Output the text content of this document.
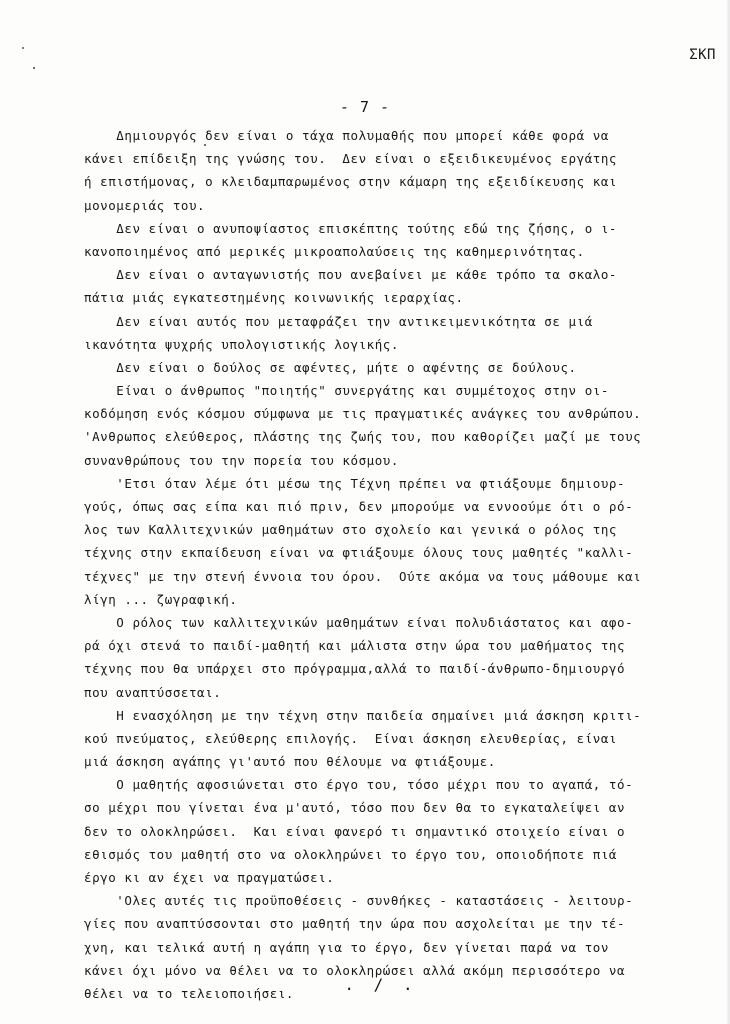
ΣΚΠ
- 7 -
Δημιουργός δεν είναι ο τάχα πολυμαθής που μπορεί κάθε φορά να
κάνει επίδειξη της γνώσης του.  Δεν είναι ο εξειδικευμένος εργάτης
ή επιστήμονας, ο κλειδαμπαρωμένος στην κάμαρη της εξειδίκευσης και
μονομεριάς του.
Δεν είναι ο ανυποψίαστος επισκέπτης τούτης εδώ της ζήσης, ο ι-
κανοποιημένος από μερικές μικροαπολαύσεις της καθημερινότητας.
Δεν είναι ο ανταγωνιστής που ανεβαίνει με κάθε τρόπο τα σκαλο-
πάτια μιάς εγκατεστημένης κοινωνικής ιεραρχίας.
Δεν είναι αυτός που μεταφράζει την αντικειμενικότητα σε μιά
ικανότητα ψυχρής υπολογιστικής λογικής.
Δεν είναι ο δούλος σε αφέντες, μήτε ο αφέντης σε δούλους.
Είναι ο άνθρωπος "ποιητής" συνεργάτης και συμμέτοχος στην οι-
κοδόμηση ενός κόσμου σύμφωνα με τις πραγματικές ανάγκες του ανθρώπου.
'Ανθρωπος ελεύθερος, πλάστης της ζωής του, που καθορίζει μαζί με τους
συνανθρώπους του την πορεία του κόσμου.
'Ετσι όταν λέμε ότι μέσω της Τέχνη πρέπει να φτιάξουμε δημιουρ-
γούς, όπως σας είπα και πιό πριν, δεν μπορούμε να εννοούμε ότι ο ρό-
λος των Καλλιτεχνικών μαθημάτων στο σχολείο και γενικά ο ρόλος της
τέχνης στην εκπαίδευση είναι να φτιάξουμε όλους τους μαθητές "καλλι-
τέχνες" με την στενή έννοια του όρου.  Ούτε ακόμα να τους μάθουμε και
λίγη ... ζωγραφική.
Ο ρόλος των καλλιτεχνικών μαθημάτων είναι πολυδιάστατος και αφο-
ρά όχι στενά το παιδί-μαθητή και μάλιστα στην ώρα του μαθήματος της
τέχνης που θα υπάρχει στο πρόγραμμα,αλλά το παιδί-άνθρωπο-δημιουργό
που αναπτύσσεται.
Η ενασχόληση με την τέχνη στην παιδεία σημαίνει μιά άσκηση κριτι-
κού πνεύματος, ελεύθερης επιλογής.  Είναι άσκηση ελευθερίας, είναι
μιά άσκηση αγάπης γι'αυτό που θέλουμε να φτιάξουμε.
Ο μαθητής αφοσιώνεται στο έργο του, τόσο μέχρι που το αγαπά, τό-
σο μέχρι που γίνεται ένα μ'αυτό, τόσο που δεν θα το εγκαταλείψει αν
δεν το ολοκληρώσει.  Και είναι φανερό τι σημαντικό στοιχείο είναι ο
εθισμός του μαθητή στο να ολοκληρώνει το έργο του, οποιοδήποτε πιά
έργο κι αν έχει να πραγματώσει.
'Ολες αυτές τις προϋποθέσεις - συνθήκες - καταστάσεις - λειτουρ-
γίες που αναπτύσσονται στο μαθητή την ώρα που ασχολείται με την τέ-
χνη, και τελικά αυτή η αγάπη για το έργο, δεν γίνεται παρά να τον
κάνει όχι μόνο να θέλει να το ολοκληρώσει αλλά ακόμη περισσότερο να
θέλει να το τελειοποιήσει.	. / .
